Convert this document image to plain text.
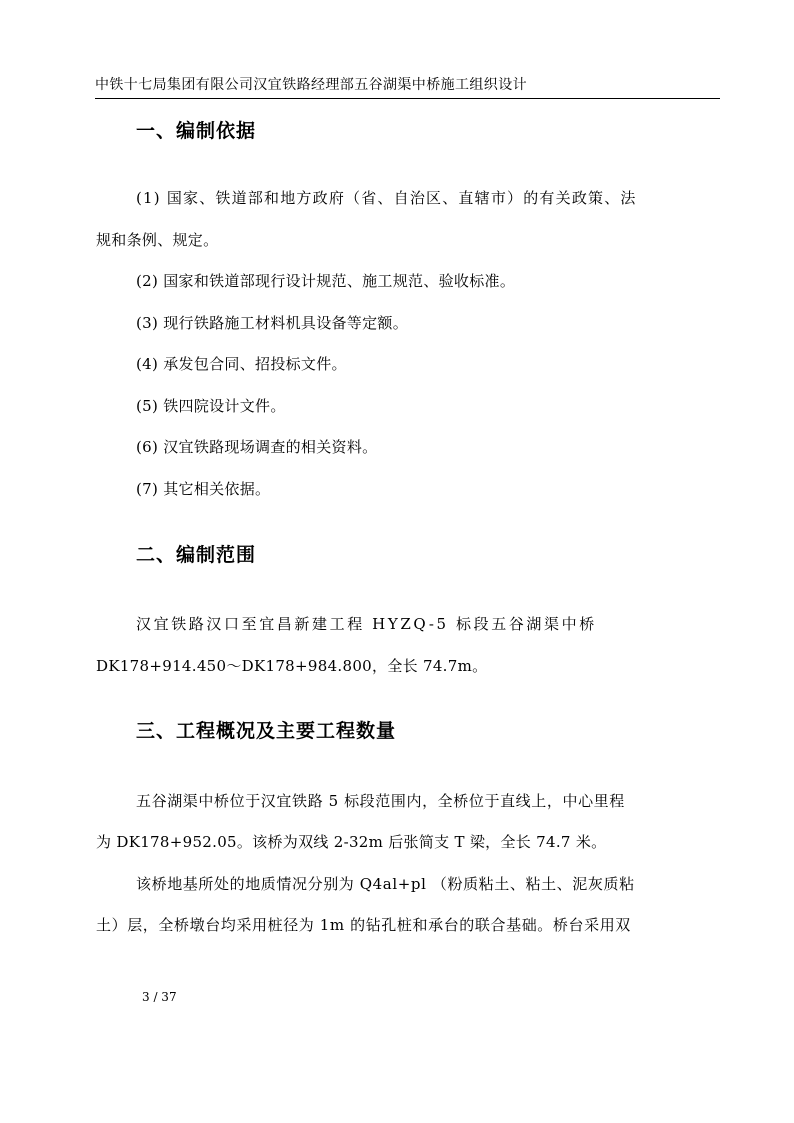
中铁十七局集团有限公司汉宜铁路经理部五谷湖渠中桥施工组织设计
一、编制依据
(1) 国家、铁道部和地方政府（省、自治区、直辖市）的有关政策、法
规和条例、规定。
(2) 国家和铁道部现行设计规范、施工规范、验收标准。
(3) 现行铁路施工材料机具设备等定额。
(4) 承发包合同、招投标文件。
(5) 铁四院设计文件。
(6) 汉宜铁路现场调查的相关资料。
(7) 其它相关依据。
二、编制范围
汉宜铁路汉口至宜昌新建工程 HYZQ-5 标段五谷湖渠中桥
DK178+914.450～DK178+984.800，全长 74.7m。
三、工程概况及主要工程数量
五谷湖渠中桥位于汉宜铁路 5 标段范围内，全桥位于直线上，中心里程
为 DK178+952.05。该桥为双线 2-32m 后张简支 T 梁，全长 74.7 米。
该桥地基所处的地质情况分别为 Q4al+pl （粉质粘土、粘土、泥灰质粘
土）层，全桥墩台均采用桩径为 1m 的钻孔桩和承台的联合基础。桥台采用双
3 / 37
